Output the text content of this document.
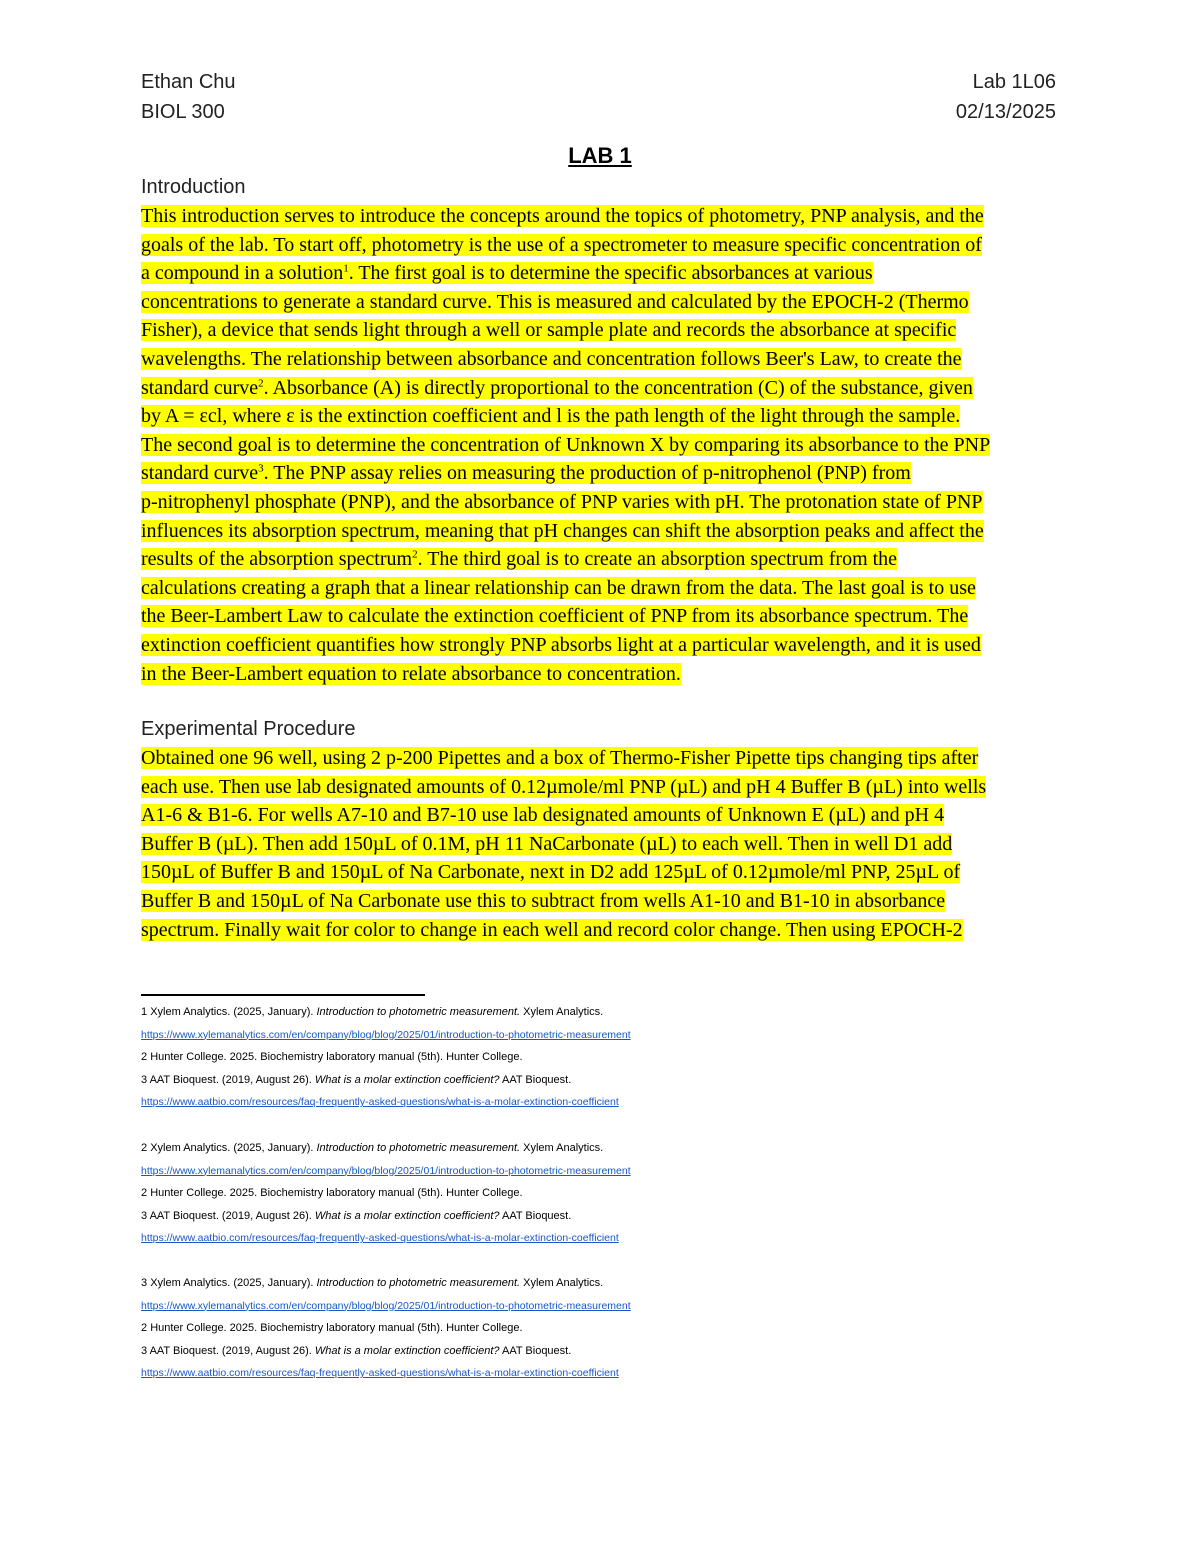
Ethan Chu
BIOL 300
Lab 1L06
02/13/2025
LAB 1
Introduction
This introduction serves to introduce the concepts around the topics of photometry, PNP analysis, and the
goals of the lab. To start off, photometry is the use of a spectrometer to measure specific concentration of
a compound in a solution$^1$. The first goal is to determine the specific absorbances at various
concentrations to generate a standard curve. This is measured and calculated by the EPOCH-2 (Thermo
Fisher), a device that sends light through a well or sample plate and records the absorbance at specific
wavelengths. The relationship between absorbance and concentration follows Beer's Law, to create the
standard curve$^2$. Absorbance (A) is directly proportional to the concentration (C) of the substance, given
by A = εcl, where ε is the extinction coefficient and l is the path length of the light through the sample.
The second goal is to determine the concentration of Unknown X by comparing its absorbance to the PNP
standard curve$^3$. The PNP assay relies on measuring the production of p-nitrophenol (PNP) from
p-nitrophenyl phosphate (PNP), and the absorbance of PNP varies with pH. The protonation state of PNP
influences its absorption spectrum, meaning that pH changes can shift the absorption peaks and affect the
results of the absorption spectrum$^2$. The third goal is to create an absorption spectrum from the
calculations creating a graph that a linear relationship can be drawn from the data. The last goal is to use
the Beer-Lambert Law to calculate the extinction coefficient of PNP from its absorbance spectrum. The
extinction coefficient quantifies how strongly PNP absorbs light at a particular wavelength, and it is used
in the Beer-Lambert equation to relate absorbance to concentration.
Experimental Procedure
Obtained one 96 well, using 2 p-200 Pipettes and a box of Thermo-Fisher Pipette tips changing tips after
each use. Then use lab designated amounts of 0.12µmole/ml PNP (µL) and pH 4 Buffer B (µL) into wells
A1-6 & B1-6. For wells A7-10 and B7-10 use lab designated amounts of Unknown E (µL) and pH 4
Buffer B (µL). Then add 150µL of 0.1M, pH 11 NaCarbonate (µL) to each well. Then in well D1 add
150µL of Buffer B and 150µL of Na Carbonate, next in D2 add 125µL of 0.12µmole/ml PNP, 25µL of
Buffer B and 150µL of Na Carbonate use this to subtract from wells A1-10 and B1-10 in absorbance
spectrum. Finally wait for color to change in each well and record color change. Then using EPOCH-2
1 Xylem Analytics. (2025, January). Introduction to photometric measurement. Xylem Analytics.
https://www.xylemanalytics.com/en/company/blog/blog/2025/01/introduction-to-photometric-measurement
2 Hunter College. 2025. Biochemistry laboratory manual (5th). Hunter College.
3 AAT Bioquest. (2019, August 26). What is a molar extinction coefficient? AAT Bioquest.
https://www.aatbio.com/resources/faq-frequently-asked-questions/what-is-a-molar-extinction-coefficient
2 Xylem Analytics. (2025, January). Introduction to photometric measurement. Xylem Analytics.
https://www.xylemanalytics.com/en/company/blog/blog/2025/01/introduction-to-photometric-measurement
2 Hunter College. 2025. Biochemistry laboratory manual (5th). Hunter College.
3 AAT Bioquest. (2019, August 26). What is a molar extinction coefficient? AAT Bioquest.
https://www.aatbio.com/resources/faq-frequently-asked-questions/what-is-a-molar-extinction-coefficient
3 Xylem Analytics. (2025, January). Introduction to photometric measurement. Xylem Analytics.
https://www.xylemanalytics.com/en/company/blog/blog/2025/01/introduction-to-photometric-measurement
2 Hunter College. 2025. Biochemistry laboratory manual (5th). Hunter College.
3 AAT Bioquest. (2019, August 26). What is a molar extinction coefficient? AAT Bioquest.
https://www.aatbio.com/resources/faq-frequently-asked-questions/what-is-a-molar-extinction-coefficient
